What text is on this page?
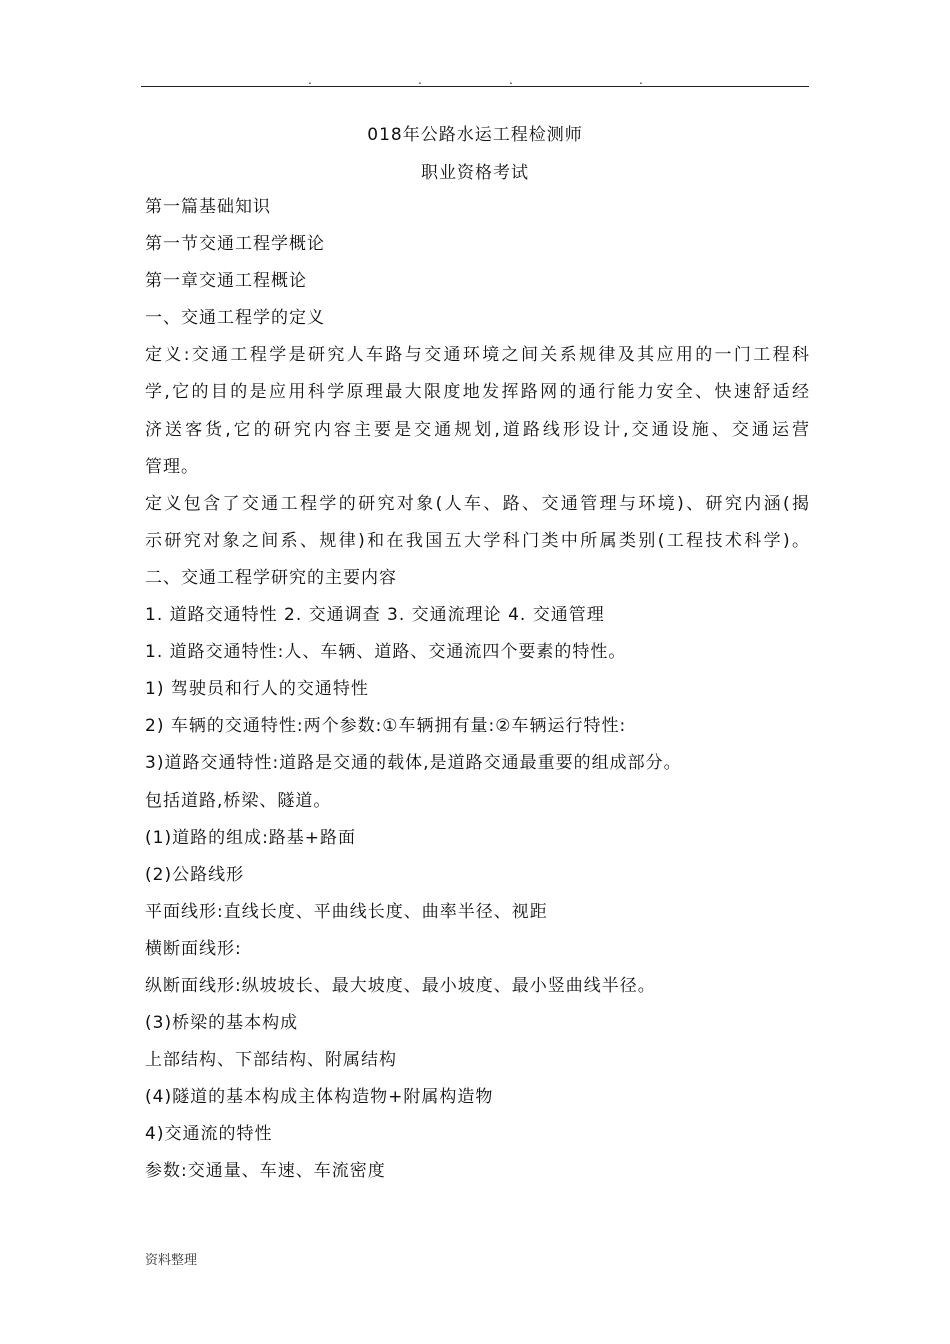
.	.	.	.
018年公路水运工程检测师
职业资格考试
第一篇基础知识
第一节交通工程学概论
第一章交通工程概论
一、交通工程学的定义
定义:交通工程学是研究人车路与交通环境之间关系规律及其应用的一门工程科
学,它的目的是应用科学原理最大限度地发挥路网的通行能力安全、快速舒适经
济送客货,它的研究内容主要是交通规划,道路线形设计,交通设施、交通运营
管理。
定义包含了交通工程学的研究对象(人车、路、交通管理与环境)、研究内涵(揭
示研究对象之间系、规律)和在我国五大学科门类中所属类别(工程技术科学)。
二、交通工程学研究的主要内容
1. 道路交通特性 2. 交通调查 3. 交通流理论 4. 交通管理
1. 道路交通特性:人、车辆、道路、交通流四个要素的特性。
1) 驾驶员和行人的交通特性
2) 车辆的交通特性:两个参数:①车辆拥有量:②车辆运行特性:
3)道路交通特性:道路是交通的载体,是道路交通最重要的组成部分。
包括道路,桥梁、隧道。
(1)道路的组成:路基+路面
(2)公路线形
平面线形:直线长度、平曲线长度、曲率半径、视距
横断面线形:
纵断面线形:纵坡坡长、最大坡度、最小坡度、最小竖曲线半径。
(3)桥梁的基本构成
上部结构、下部结构、附属结构
(4)隧道的基本构成主体构造物+附属构造物
4)交通流的特性
参数:交通量、车速、车流密度
资料整理
